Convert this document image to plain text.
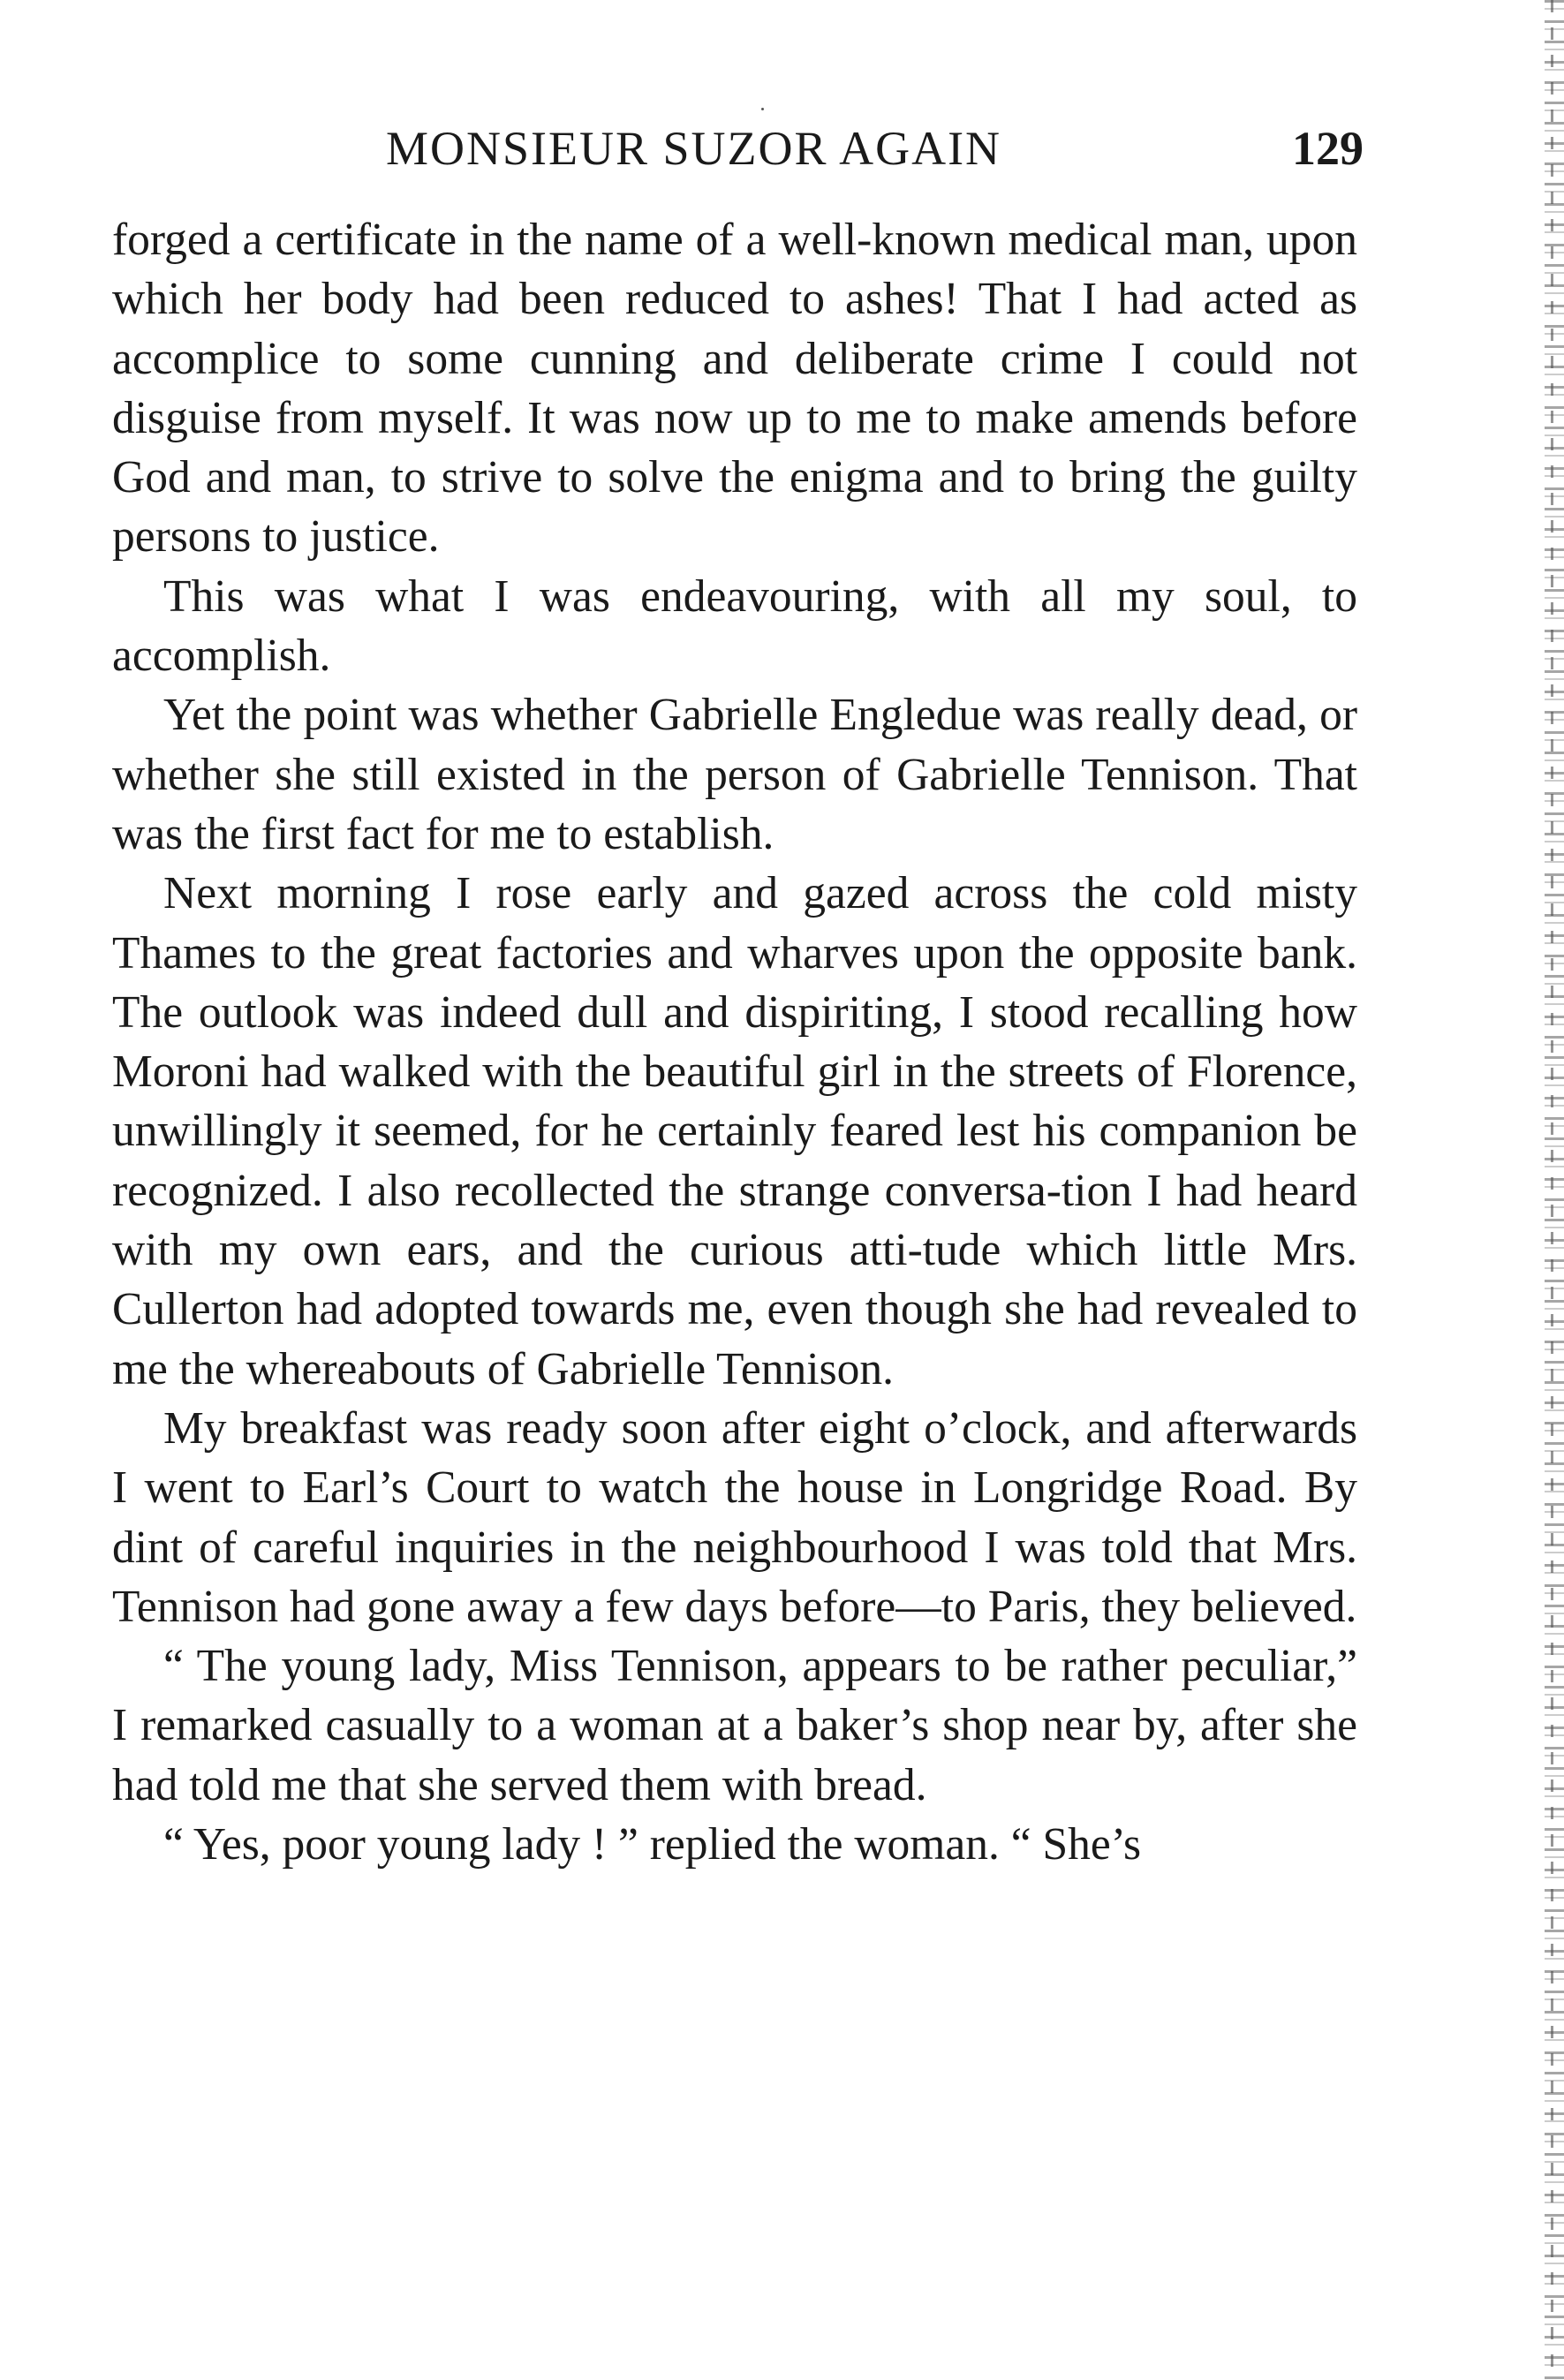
MONSIEUR SUZOR AGAIN	129

forged a certificate in the name of a well-known medical man, upon which her body had been reduced to ashes! That I had acted as accomplice to some cunning and deliberate crime I could not disguise from myself. It was now up to me to make amends before God and man, to strive to solve the enigma and to bring the guilty persons to justice.

This was what I was endeavouring, with all my soul, to accomplish.

Yet the point was whether Gabrielle Engledue was really dead, or whether she still existed in the person of Gabrielle Tennison. That was the first fact for me to establish.

Next morning I rose early and gazed across the cold misty Thames to the great factories and wharves upon the opposite bank. The outlook was indeed dull and dispiriting, I stood recalling how Moroni had walked with the beautiful girl in the streets of Florence, unwillingly it seemed, for he certainly feared lest his companion be recognized. I also recollected the strange conversa-tion I had heard with my own ears, and the curious atti-tude which little Mrs. Cullerton had adopted towards me, even though she had revealed to me the whereabouts of Gabrielle Tennison.

My breakfast was ready soon after eight o’clock, and afterwards I went to Earl’s Court to watch the house in Longridge Road. By dint of careful inquiries in the neighbourhood I was told that Mrs. Tennison had gone away a few days before—to Paris, they believed.

“ The young lady, Miss Tennison, appears to be rather peculiar,” I remarked casually to a woman at a baker’s shop near by, after she had told me that she served them with bread.

“ Yes, poor young lady ! ” replied the woman. “ She’s
